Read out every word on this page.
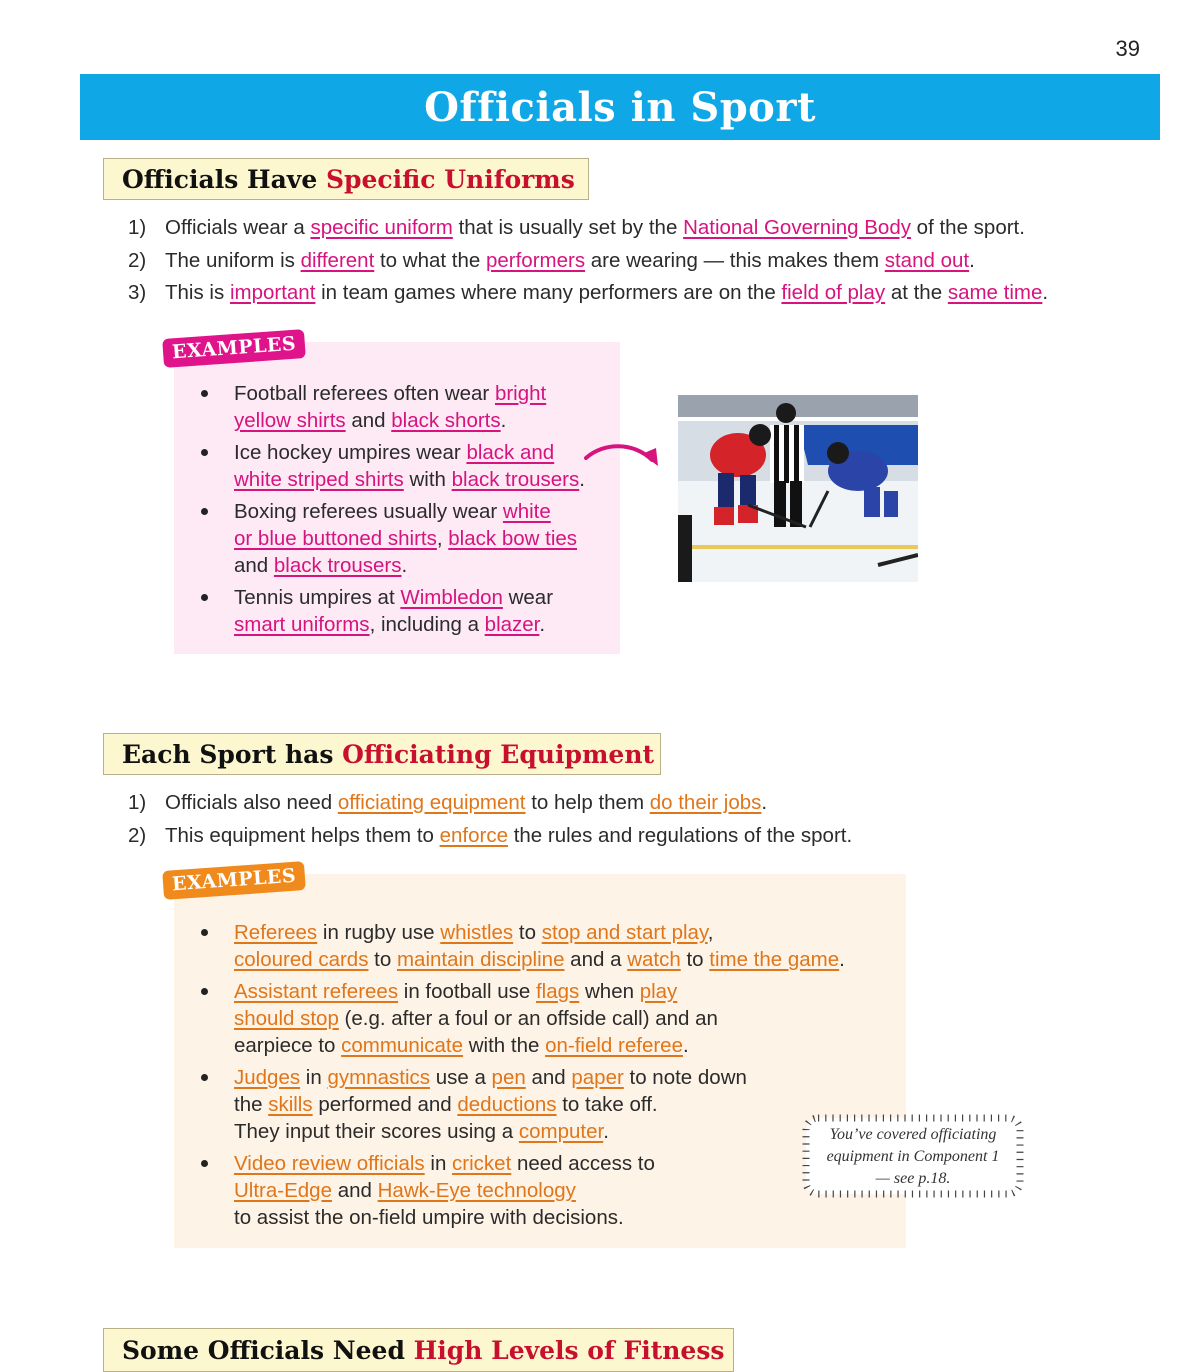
39
Officials in Sport
Officials Have Specific Uniforms
1) Officials wear a specific uniform that is usually set by the National Governing Body of the sport.
2) The uniform is different to what the performers are wearing — this makes them stand out.
3) This is important in team games where many performers are on the field of play at the same time.
EXAMPLES
Football referees often wear bright
yellow shirts and black shorts.
Ice hockey umpires wear black and
white striped shirts with black trousers.
Boxing referees usually wear white
or blue buttoned shirts, black bow ties
and black trousers.
Tennis umpires at Wimbledon wear
smart uniforms, including a blazer.
Each Sport has Officiating Equipment
1) Officials also need officiating equipment to help them do their jobs.
2) This equipment helps them to enforce the rules and regulations of the sport.
EXAMPLES
Referees in rugby use whistles to stop and start play,
coloured cards to maintain discipline and a watch to time the game.
Assistant referees in football use flags when play
should stop (e.g. after a foul or an offside call) and an
earpiece to communicate with the on-field referee.
Judges in gymnastics use a pen and paper to note down
the skills performed and deductions to take off.
They input their scores using a computer.
Video review officials in cricket need access to
Ultra-Edge and Hawk-Eye technology
to assist the on-field umpire with decisions.
You’ve covered officiating
equipment in Component 1
— see p.18.
Some Officials Need High Levels of Fitness
